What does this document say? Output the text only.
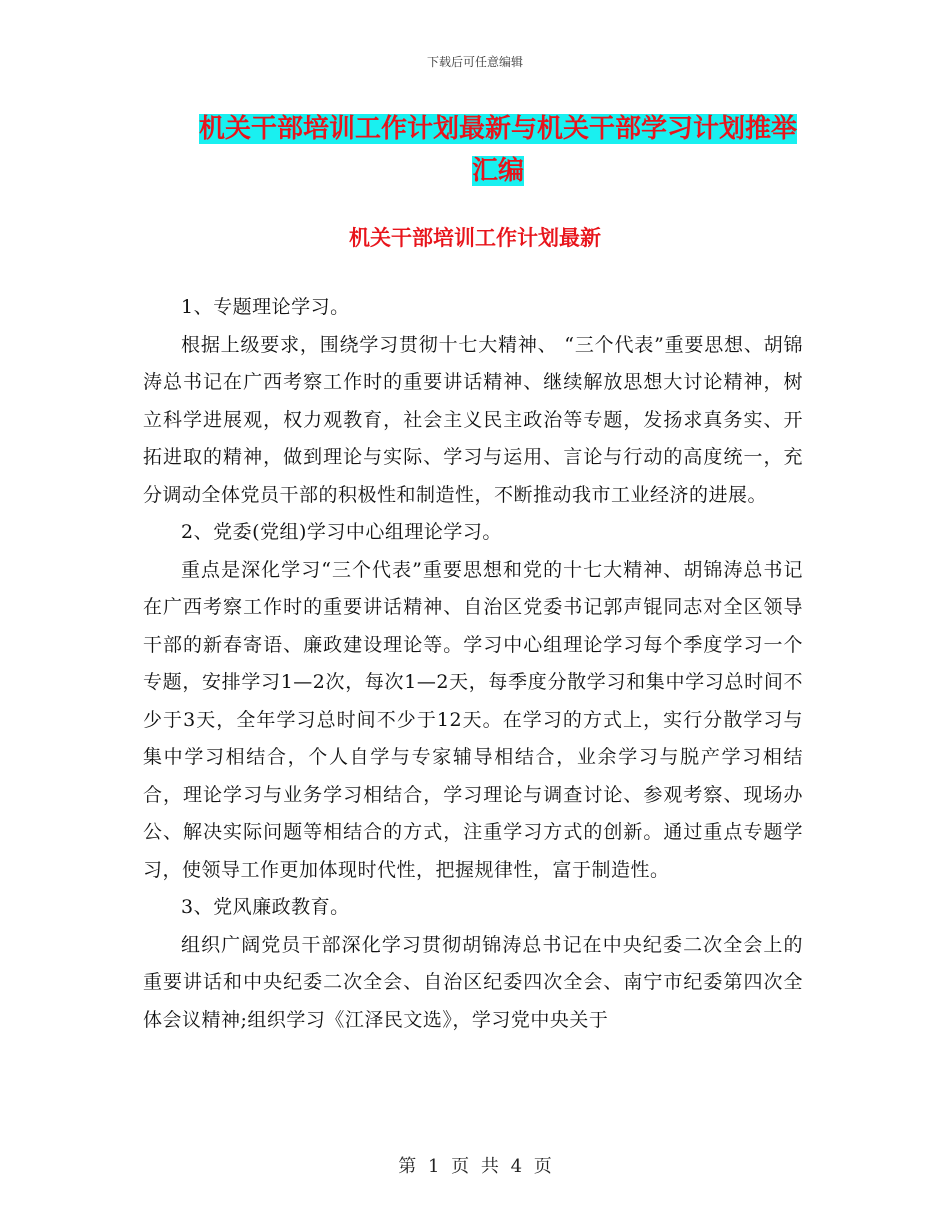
下载后可任意编辑
机关干部培训工作计划最新与机关干部学习计划推举汇编
机关干部培训工作计划最新

1、专题理论学习。

根据上级要求，围绕学习贯彻十七大精神、 “三个代表”重要思想、胡锦涛总书记在广西考察工作时的重要讲话精神、继续解放思想大讨论精神，树立科学进展观，权力观教育，社会主义民主政治等专题，发扬求真务实、开拓进取的精神，做到理论与实际、学习与运用、言论与行动的高度统一，充分调动全体党员干部的积极性和制造性，不断推动我市工业经济的进展。

2、党委(党组)学习中心组理论学习。

重点是深化学习“三个代表”重要思想和党的十七大精神、胡锦涛总书记在广西考察工作时的重要讲话精神、自治区党委书记郭声锟同志对全区领导干部的新春寄语、廉政建设理论等。学习中心组理论学习每个季度学习一个专题，安排学习1—2次，每次1—2天，每季度分散学习和集中学习总时间不少于3天，全年学习总时间不少于12天。在学习的方式上，实行分散学习与集中学习相结合，个人自学与专家辅导相结合，业余学习与脱产学习相结合，理论学习与业务学习相结合，学习理论与调查讨论、参观考察、现场办公、解决实际问题等相结合的方式，注重学习方式的创新。通过重点专题学习，使领导工作更加体现时代性，把握规律性，富于制造性。

3、党风廉政教育。

组织广阔党员干部深化学习贯彻胡锦涛总书记在中央纪委二次全会上的重要讲话和中央纪委二次全会、自治区纪委四次全会、南宁市纪委第四次全体会议精神;组织学习《江泽民文选》，学习党中央关于

第 1 页 共 4 页
